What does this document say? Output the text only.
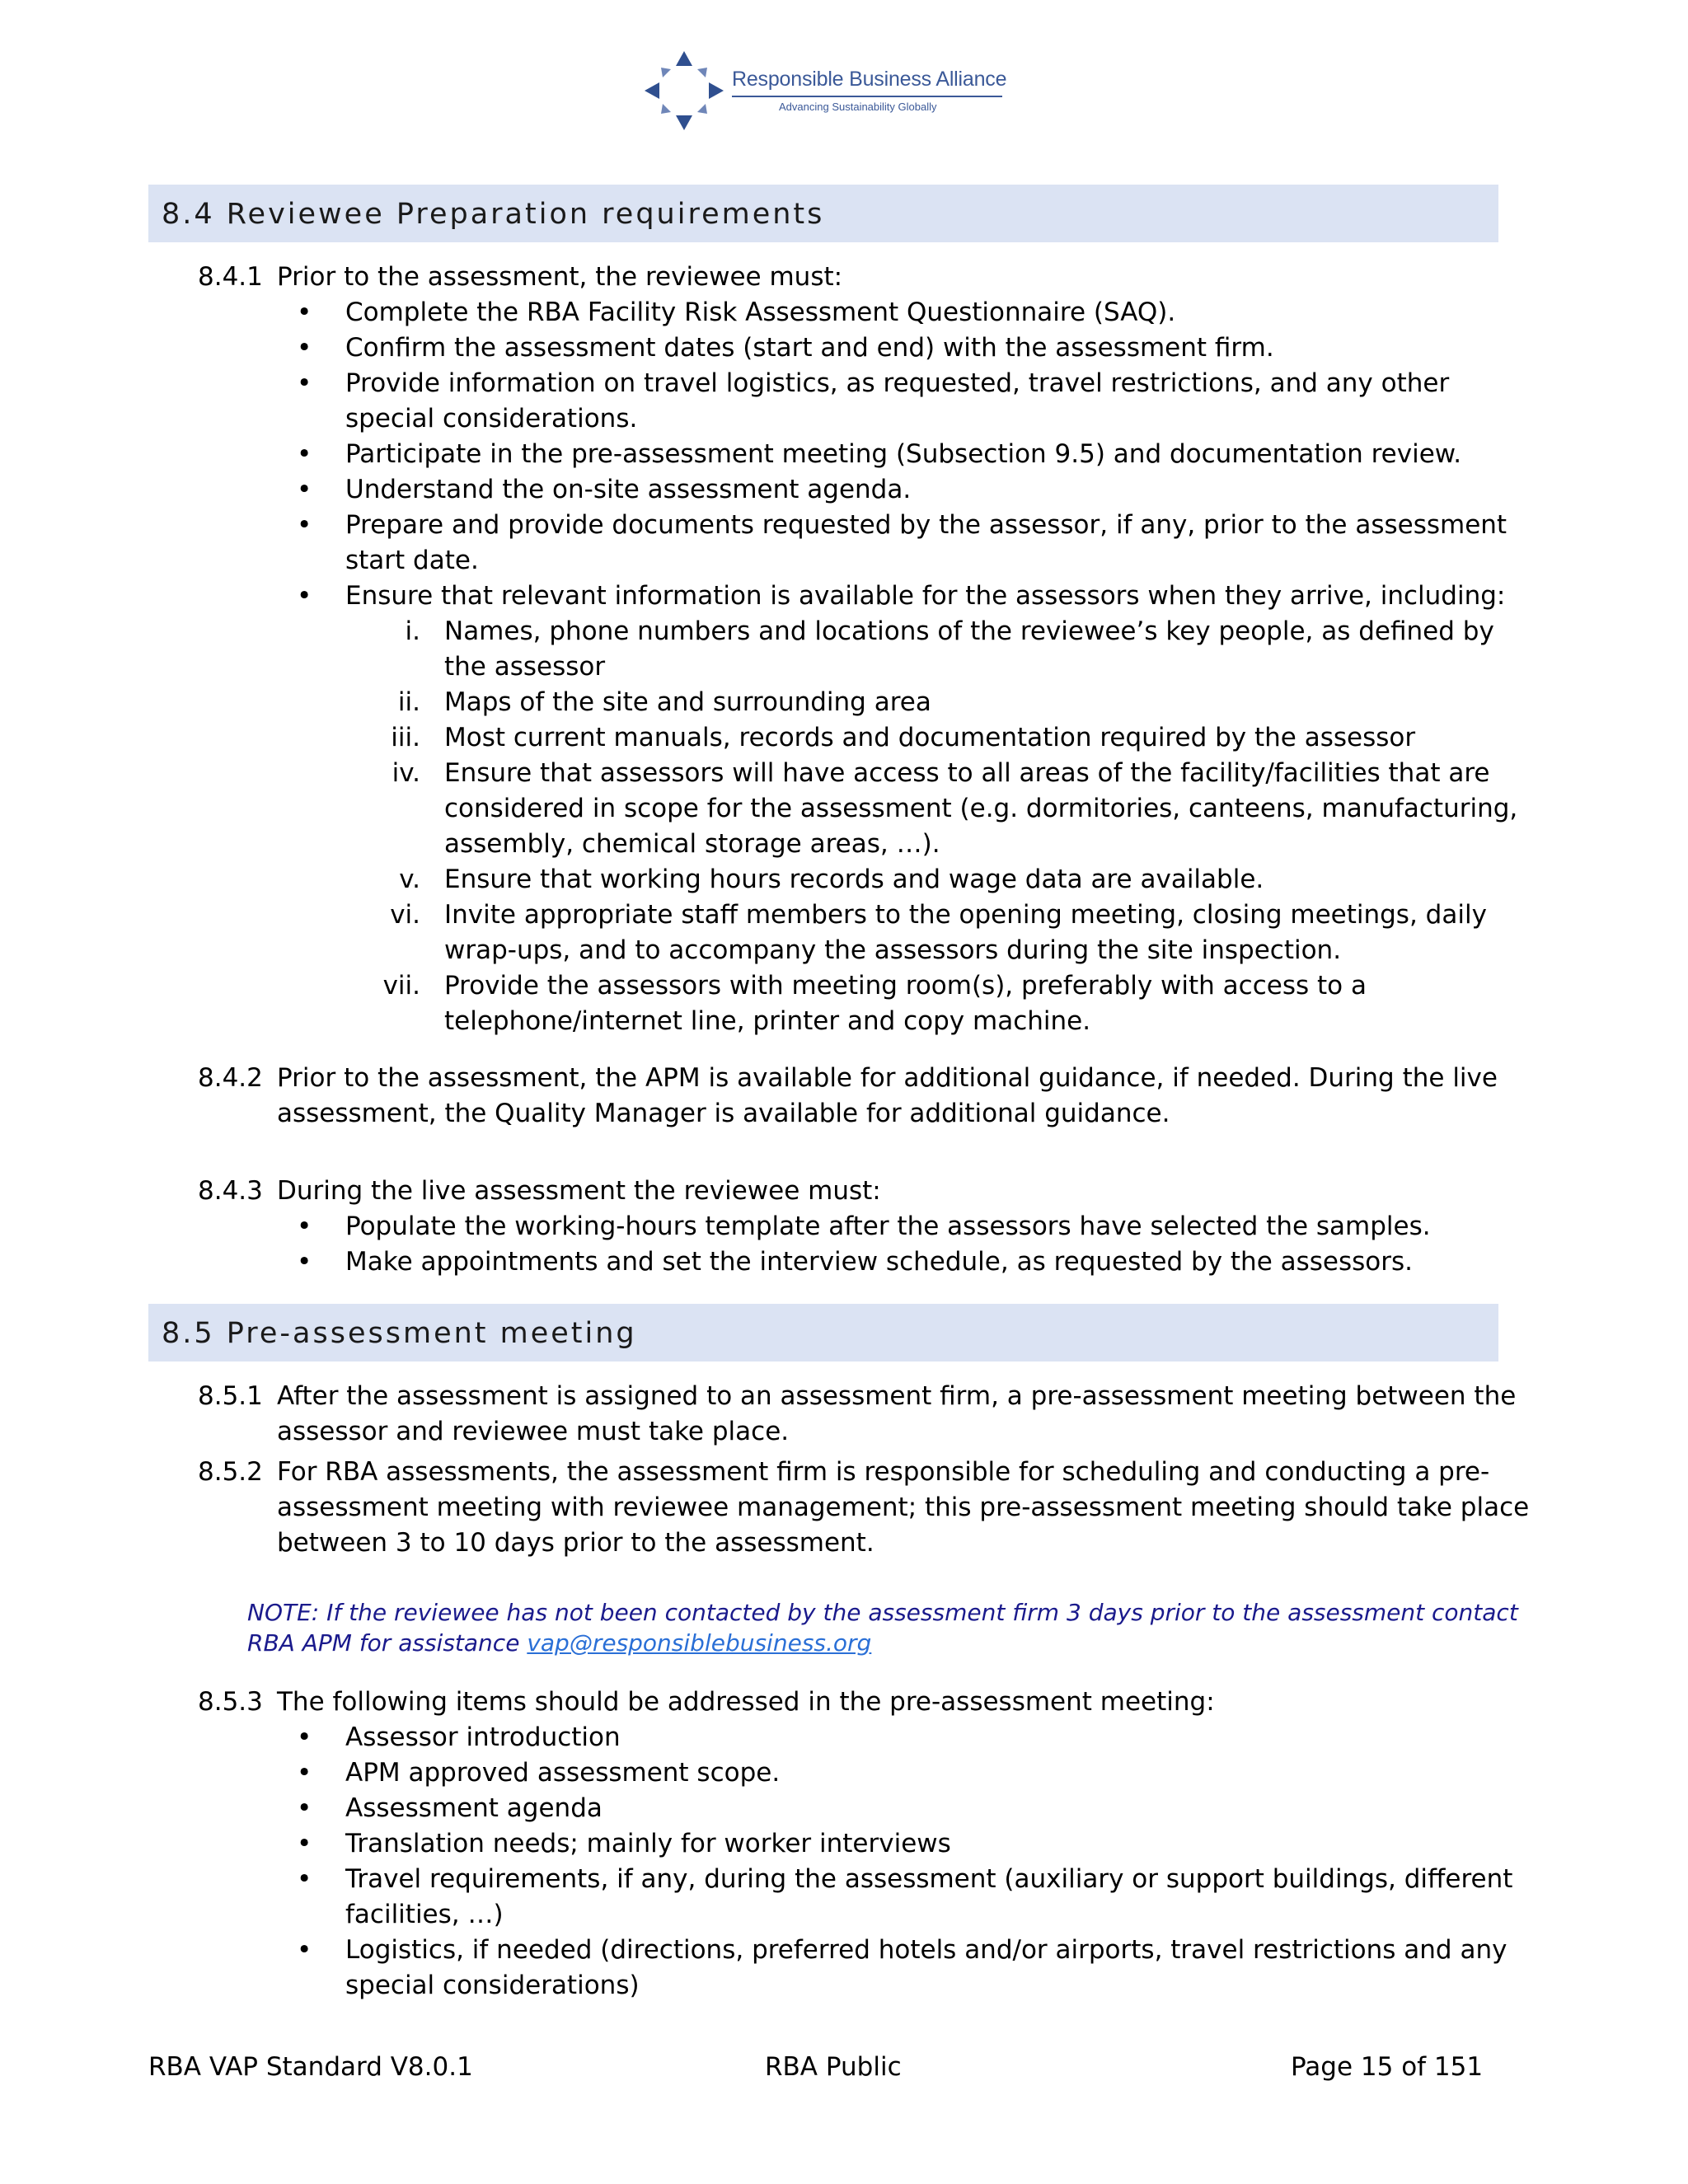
Responsible Business Alliance
Advancing Sustainability Globally
8.4 Reviewee Preparation requirements
8.4.1 Prior to the assessment, the reviewee must:
• Complete the RBA Facility Risk Assessment Questionnaire (SAQ).
• Confirm the assessment dates (start and end) with the assessment firm.
• Provide information on travel logistics, as requested, travel restrictions, and any other
special considerations.
• Participate in the pre-assessment meeting (Subsection 9.5) and documentation review.
• Understand the on-site assessment agenda.
• Prepare and provide documents requested by the assessor, if any, prior to the assessment
start date.
• Ensure that relevant information is available for the assessors when they arrive, including:
i. Names, phone numbers and locations of the reviewee’s key people, as defined by
the assessor
ii. Maps of the site and surrounding area
iii. Most current manuals, records and documentation required by the assessor
iv. Ensure that assessors will have access to all areas of the facility/facilities that are
considered in scope for the assessment (e.g. dormitories, canteens, manufacturing,
assembly, chemical storage areas, …).
v. Ensure that working hours records and wage data are available.
vi. Invite appropriate staff members to the opening meeting, closing meetings, daily
wrap-ups, and to accompany the assessors during the site inspection.
vii. Provide the assessors with meeting room(s), preferably with access to a
telephone/internet line, printer and copy machine.
8.4.2 Prior to the assessment, the APM is available for additional guidance, if needed. During the live
assessment, the Quality Manager is available for additional guidance.
8.4.3 During the live assessment the reviewee must:
• Populate the working-hours template after the assessors have selected the samples.
• Make appointments and set the interview schedule, as requested by the assessors.
8.5 Pre-assessment meeting
8.5.1 After the assessment is assigned to an assessment firm, a pre-assessment meeting between the
assessor and reviewee must take place.
8.5.2 For RBA assessments, the assessment firm is responsible for scheduling and conducting a pre-
assessment meeting with reviewee management; this pre-assessment meeting should take place
between 3 to 10 days prior to the assessment.
NOTE: If the reviewee has not been contacted by the assessment firm 3 days prior to the assessment contact
RBA APM for assistance vap@responsiblebusiness.org
8.5.3 The following items should be addressed in the pre-assessment meeting:
• Assessor introduction
• APM approved assessment scope.
• Assessment agenda
• Translation needs; mainly for worker interviews
• Travel requirements, if any, during the assessment (auxiliary or support buildings, different
facilities, …)
• Logistics, if needed (directions, preferred hotels and/or airports, travel restrictions and any
special considerations)
RBA VAP Standard V8.0.1	RBA Public	Page 15 of 151
